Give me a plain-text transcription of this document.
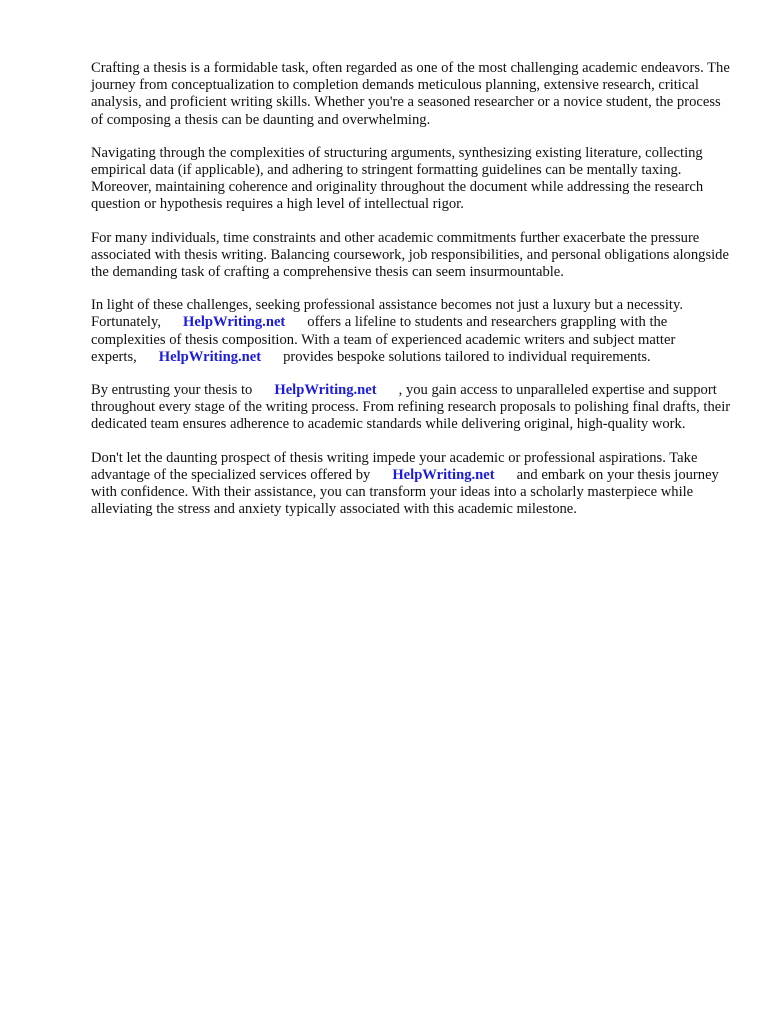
Crafting a thesis is a formidable task, often regarded as one of the most challenging academic endeavors. The journey from conceptualization to completion demands meticulous planning, extensive research, critical analysis, and proficient writing skills. Whether you're a seasoned researcher or a novice student, the process of composing a thesis can be daunting and overwhelming.

Navigating through the complexities of structuring arguments, synthesizing existing literature, collecting empirical data (if applicable), and adhering to stringent formatting guidelines can be mentally taxing. Moreover, maintaining coherence and originality throughout the document while addressing the research question or hypothesis requires a high level of intellectual rigor.

For many individuals, time constraints and other academic commitments further exacerbate the pressure associated with thesis writing. Balancing coursework, job responsibilities, and personal obligations alongside the demanding task of crafting a comprehensive thesis can seem insurmountable.

In light of these challenges, seeking professional assistance becomes not just a luxury but a necessity. Fortunately, HelpWriting.net offers a lifeline to students and researchers grappling with the complexities of thesis composition. With a team of experienced academic writers and subject matter experts, HelpWriting.net provides bespoke solutions tailored to individual requirements.

By entrusting your thesis to HelpWriting.net , you gain access to unparalleled expertise and support throughout every stage of the writing process. From refining research proposals to polishing final drafts, their dedicated team ensures adherence to academic standards while delivering original, high-quality work.

Don't let the daunting prospect of thesis writing impede your academic or professional aspirations. Take advantage of the specialized services offered by HelpWriting.net and embark on your thesis journey with confidence. With their assistance, you can transform your ideas into a scholarly masterpiece while alleviating the stress and anxiety typically associated with this academic milestone.
